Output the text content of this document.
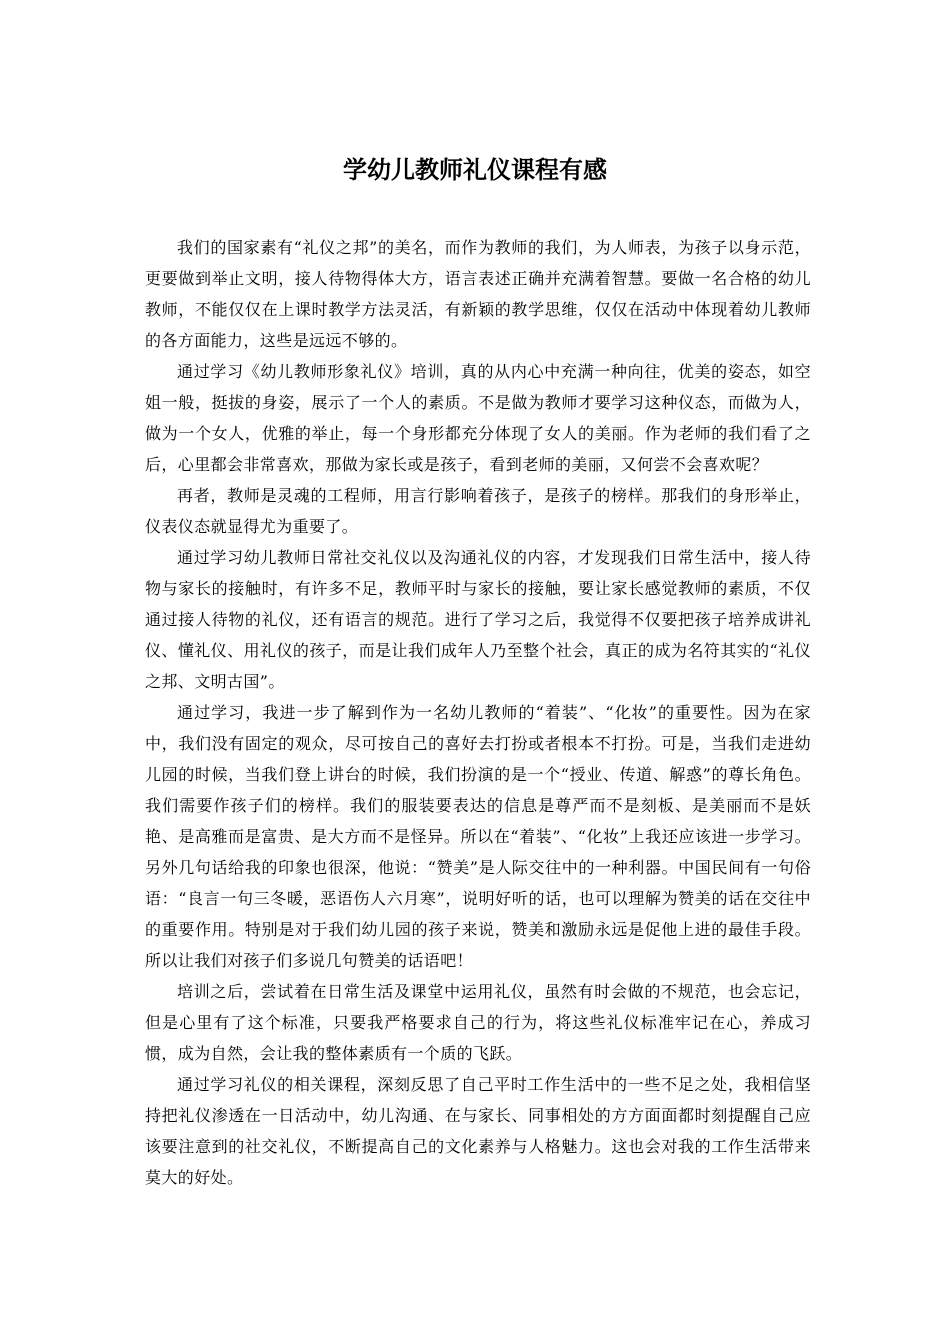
学幼儿教师礼仪课程有感

我们的国家素有“礼仪之邦”的美名，而作为教师的我们，为人师表，为孩子以身示范，更要做到举止文明，接人待物得体大方，语言表述正确并充满着智慧。要做一名合格的幼儿教师，不能仅仅在上课时教学方法灵活，有新颖的教学思维，仅仅在活动中体现着幼儿教师的各方面能力，这些是远远不够的。

通过学习《幼儿教师形象礼仪》培训，真的从内心中充满一种向往，优美的姿态，如空姐一般，挺拔的身姿，展示了一个人的素质。不是做为教师才要学习这种仪态，而做为人，做为一个女人，优雅的举止，每一个身形都充分体现了女人的美丽。作为老师的我们看了之后，心里都会非常喜欢，那做为家长或是孩子，看到老师的美丽，又何尝不会喜欢呢？

再者，教师是灵魂的工程师，用言行影响着孩子，是孩子的榜样。那我们的身形举止，仪表仪态就显得尤为重要了。

通过学习幼儿教师日常社交礼仪以及沟通礼仪的内容，才发现我们日常生活中，接人待物与家长的接触时，有许多不足，教师平时与家长的接触，要让家长感觉教师的素质，不仅通过接人待物的礼仪，还有语言的规范。进行了学习之后，我觉得不仅要把孩子培养成讲礼仪、懂礼仪、用礼仪的孩子，而是让我们成年人乃至整个社会，真正的成为名符其实的“礼仪之邦、文明古国”。

通过学习，我进一步了解到作为一名幼儿教师的“着装”、“化妆”的重要性。因为在家中，我们没有固定的观众，尽可按自己的喜好去打扮或者根本不打扮。可是，当我们走进幼儿园的时候，当我们登上讲台的时候，我们扮演的是一个“授业、传道、解惑”的尊长角色。我们需要作孩子们的榜样。我们的服装要表达的信息是尊严而不是刻板、是美丽而不是妖艳、是高雅而是富贵、是大方而不是怪异。所以在“着装”、“化妆”上我还应该进一步学习。另外几句话给我的印象也很深，他说：“赞美”是人际交往中的一种利器。中国民间有一句俗语：“良言一句三冬暖，恶语伤人六月寒”，说明好听的话，也可以理解为赞美的话在交往中的重要作用。特别是对于我们幼儿园的孩子来说，赞美和激励永远是促他上进的最佳手段。所以让我们对孩子们多说几句赞美的话语吧！

培训之后，尝试着在日常生活及课堂中运用礼仪，虽然有时会做的不规范，也会忘记，但是心里有了这个标准，只要我严格要求自己的行为，将这些礼仪标准牢记在心，养成习惯，成为自然，会让我的整体素质有一个质的飞跃。

通过学习礼仪的相关课程，深刻反思了自己平时工作生活中的一些不足之处，我相信坚持把礼仪渗透在一日活动中，幼儿沟通、在与家长、同事相处的方方面面都时刻提醒自己应该要注意到的社交礼仪，不断提高自己的文化素养与人格魅力。这也会对我的工作生活带来莫大的好处。
